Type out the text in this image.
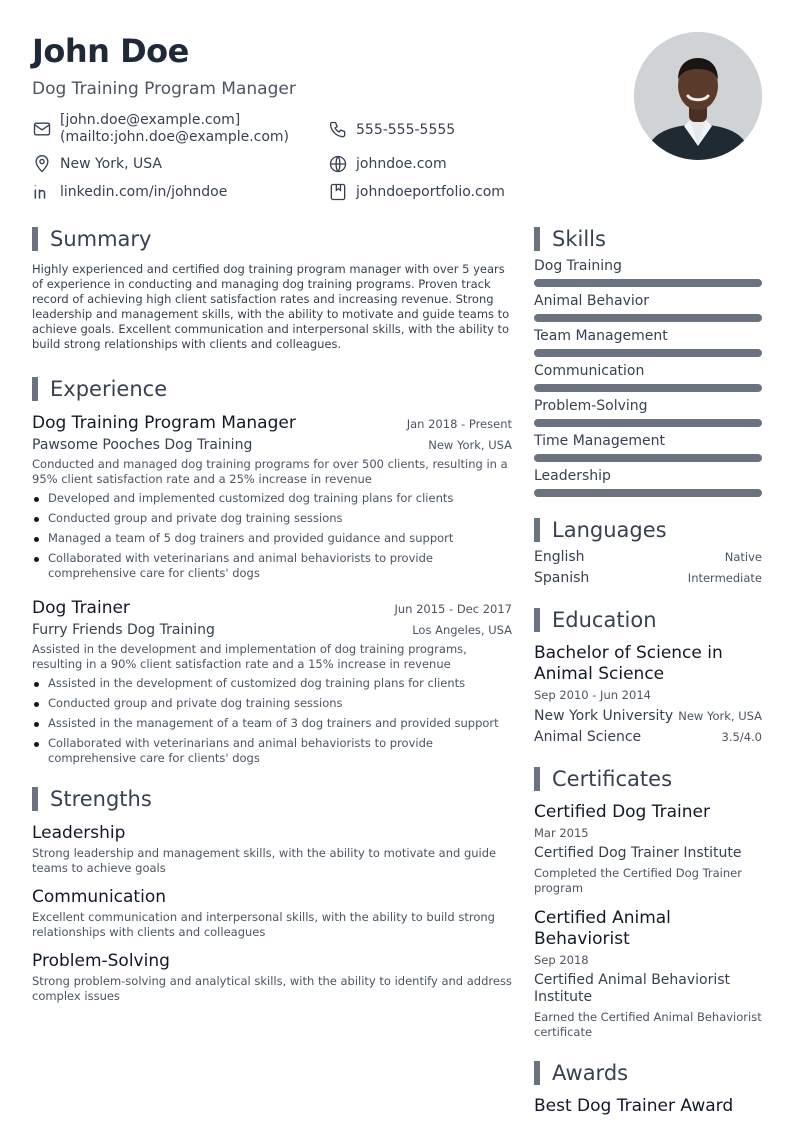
John Doe
Dog Training Program Manager
[john.doe@example.com]
(mailto:john.doe@example.com)	555-555-5555
New York, USA	johndoe.com
linkedin.com/in/johndoe	johndoeportfolio.com
Summary
Highly experienced and certified dog training program manager with over 5 years of experience in conducting and managing dog training programs. Proven track record of achieving high client satisfaction rates and increasing revenue. Strong leadership and management skills, with the ability to motivate and guide teams to achieve goals. Excellent communication and interpersonal skills, with the ability to build strong relationships with clients and colleagues.
Experience
Dog Training Program Manager	Jan 2018 - Present
Pawsome Pooches Dog Training	New York, USA
Conducted and managed dog training programs for over 500 clients, resulting in a 95% client satisfaction rate and a 25% increase in revenue
Developed and implemented customized dog training plans for clients
Conducted group and private dog training sessions
Managed a team of 5 dog trainers and provided guidance and support
Collaborated with veterinarians and animal behaviorists to provide comprehensive care for clients' dogs
Dog Trainer	Jun 2015 - Dec 2017
Furry Friends Dog Training	Los Angeles, USA
Assisted in the development and implementation of dog training programs, resulting in a 90% client satisfaction rate and a 15% increase in revenue
Assisted in the development of customized dog training plans for clients
Conducted group and private dog training sessions
Assisted in the management of a team of 3 dog trainers and provided support
Collaborated with veterinarians and animal behaviorists to provide comprehensive care for clients' dogs
Strengths
Leadership
Strong leadership and management skills, with the ability to motivate and guide teams to achieve goals
Communication
Excellent communication and interpersonal skills, with the ability to build strong relationships with clients and colleagues
Problem-Solving
Strong problem-solving and analytical skills, with the ability to identify and address complex issues
Skills
Dog Training
Animal Behavior
Team Management
Communication
Problem-Solving
Time Management
Leadership
Languages
English	Native
Spanish	Intermediate
Education
Bachelor of Science in Animal Science
Sep 2010 - Jun 2014
New York University New York, USA
Animal Science	3.5/4.0
Certificates
Certified Dog Trainer
Mar 2015
Certified Dog Trainer Institute
Completed the Certified Dog Trainer program
Certified Animal Behaviorist
Sep 2018
Certified Animal Behaviorist Institute
Earned the Certified Animal Behaviorist certificate
Awards
Best Dog Trainer Award
